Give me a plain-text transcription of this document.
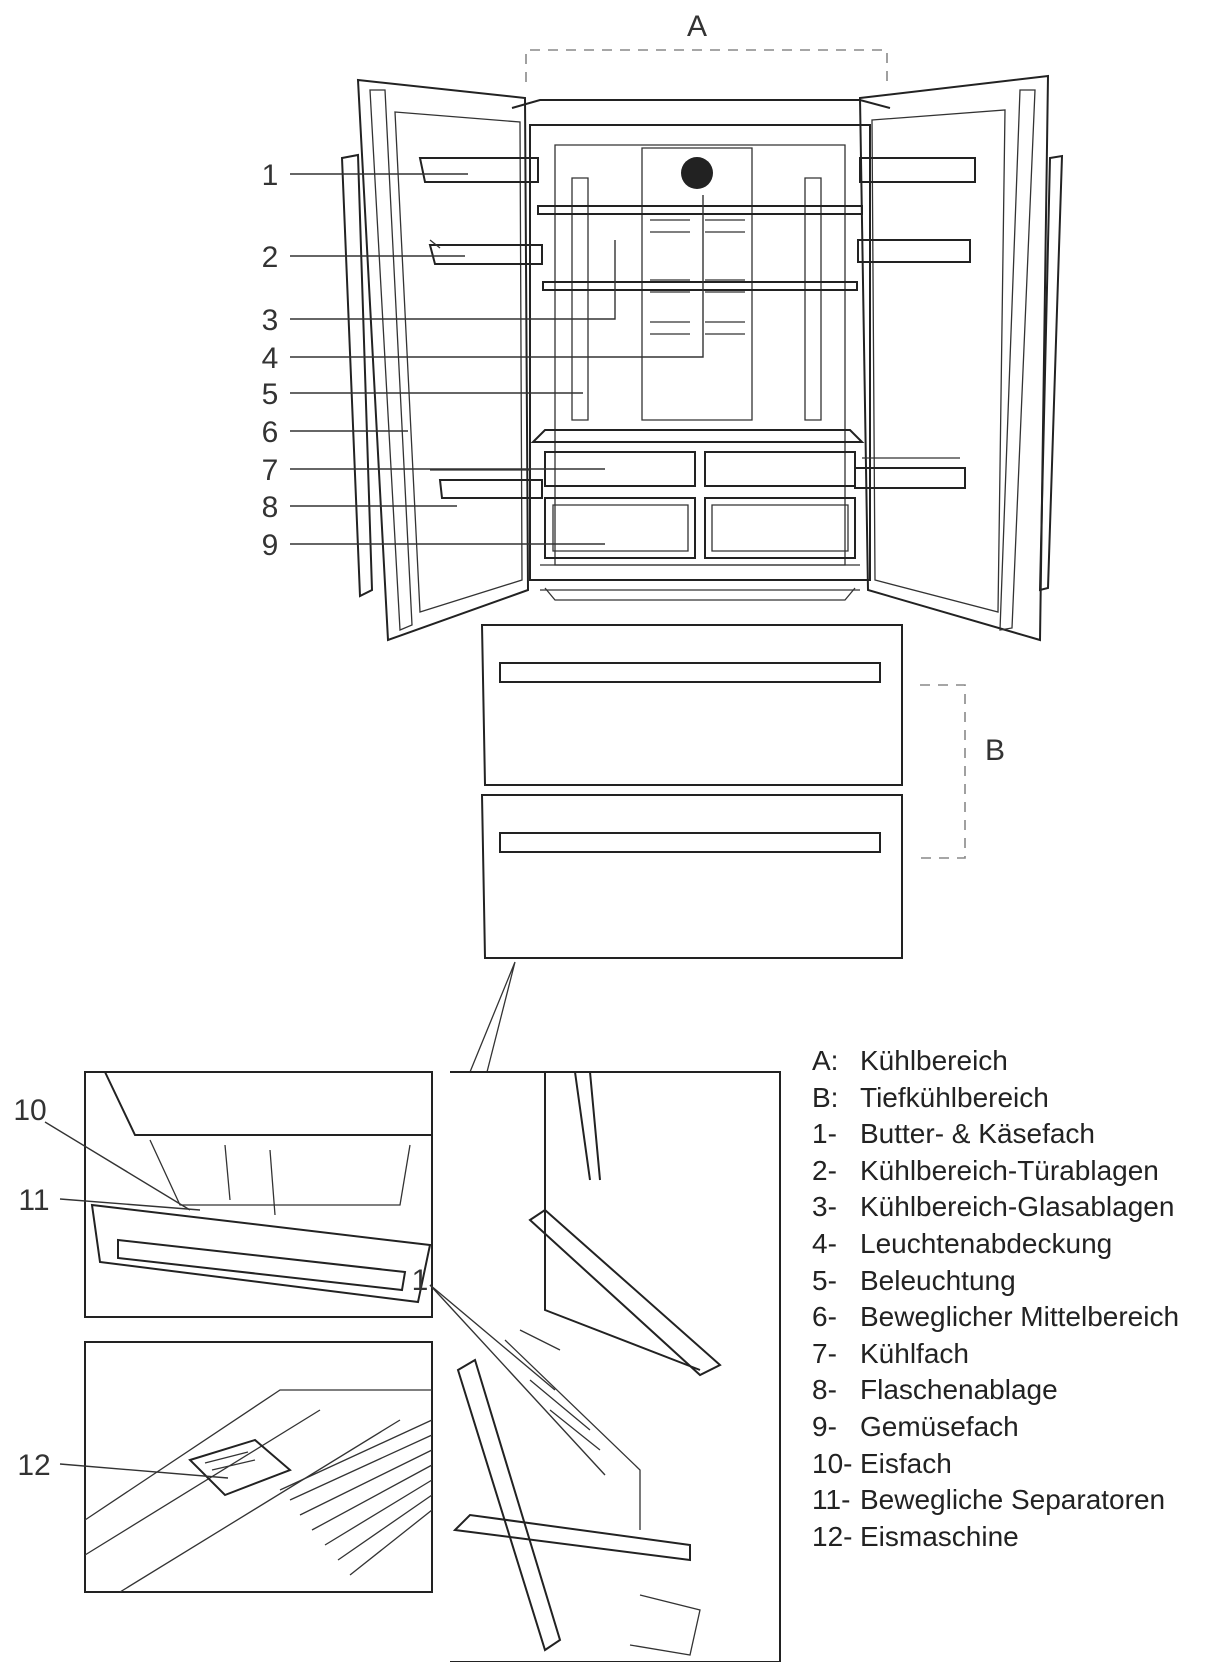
A
B
1
2
3
4
5
6
7
8
9
10
11
12
1
A: Kühlbereich
B: Tiefkühlbereich
1- Butter- & Käsefach
2- Kühlbereich-Türablagen
3- Kühlbereich-Glasablagen
4- Leuchtenabdeckung
5- Beleuchtung
6- Beweglicher Mittelbereich
7- Kühlfach
8- Flaschenablage
9- Gemüsefach
10- Eisfach
11- Bewegliche Separatoren
12- Eismaschine
